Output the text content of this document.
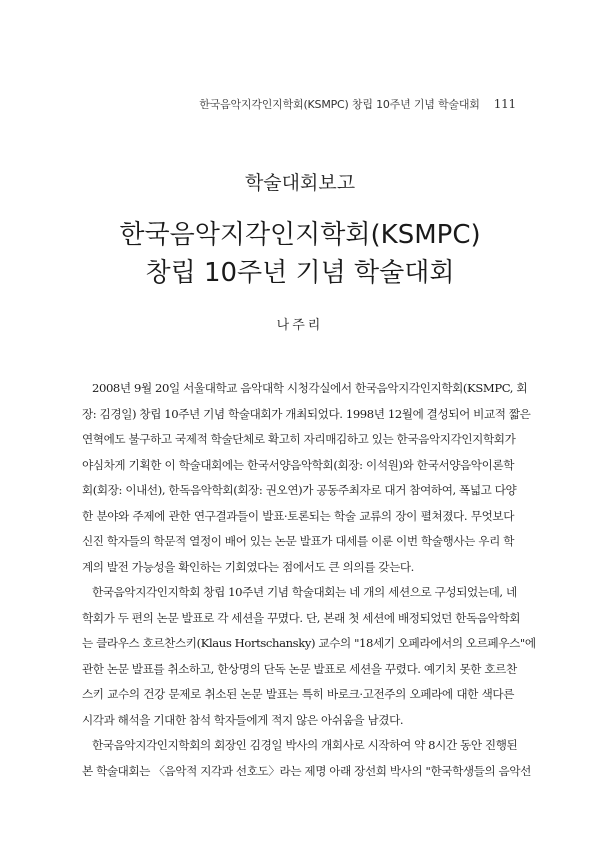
한국음악지각인지학회(KSMPC) 창립 10주년 기념 학술대회 111
학술대회보고
한국음악지각인지학회(KSMPC)
창립 10주년 기념 학술대회
나주리
2008년 9월 20일 서울대학교 음악대학 시청각실에서 한국음악지각인지학회(KSMPC, 회
장: 김경일) 창립 10주년 기념 학술대회가 개최되었다. 1998년 12월에 결성되어 비교적 짧은
연혁에도 불구하고 국제적 학술단체로 확고히 자리매김하고 있는 한국음악지각인지학회가
야심차게 기획한 이 학술대회에는 한국서양음악학회(회장: 이석원)와 한국서양음악이론학
회(회장: 이내선), 한독음악학회(회장: 권오연)가 공동주최자로 대거 참여하여, 폭넓고 다양
한 분야와 주제에 관한 연구결과들이 발표·토론되는 학술 교류의 장이 펼쳐졌다. 무엇보다
신진 학자들의 학문적 열정이 배어 있는 논문 발표가 대세를 이룬 이번 학술행사는 우리 학
계의 발전 가능성을 확인하는 기회였다는 점에서도 큰 의의를 갖는다.
한국음악지각인지학회 창립 10주년 기념 학술대회는 네 개의 세션으로 구성되었는데, 네
학회가 두 편의 논문 발표로 각 세션을 꾸몄다. 단, 본래 첫 세션에 배정되었던 한독음악학회
는 클라우스 호르찬스키(Klaus Hortschansky) 교수의 "18세기 오페라에서의 오르페우스"에
관한 논문 발표를 취소하고, 한상명의 단독 논문 발표로 세션을 꾸렸다. 예기치 못한 호르찬
스키 교수의 건강 문제로 취소된 논문 발표는 특히 바로크·고전주의 오페라에 대한 색다른
시각과 해석을 기대한 참석 학자들에게 적지 않은 아쉬움을 남겼다.
한국음악지각인지학회의 회장인 김경일 박사의 개회사로 시작하여 약 8시간 동안 진행된
본 학술대회는 〈음악적 지각과 선호도〉라는 제명 아래 장선희 박사의 "한국학생들의 음악선
